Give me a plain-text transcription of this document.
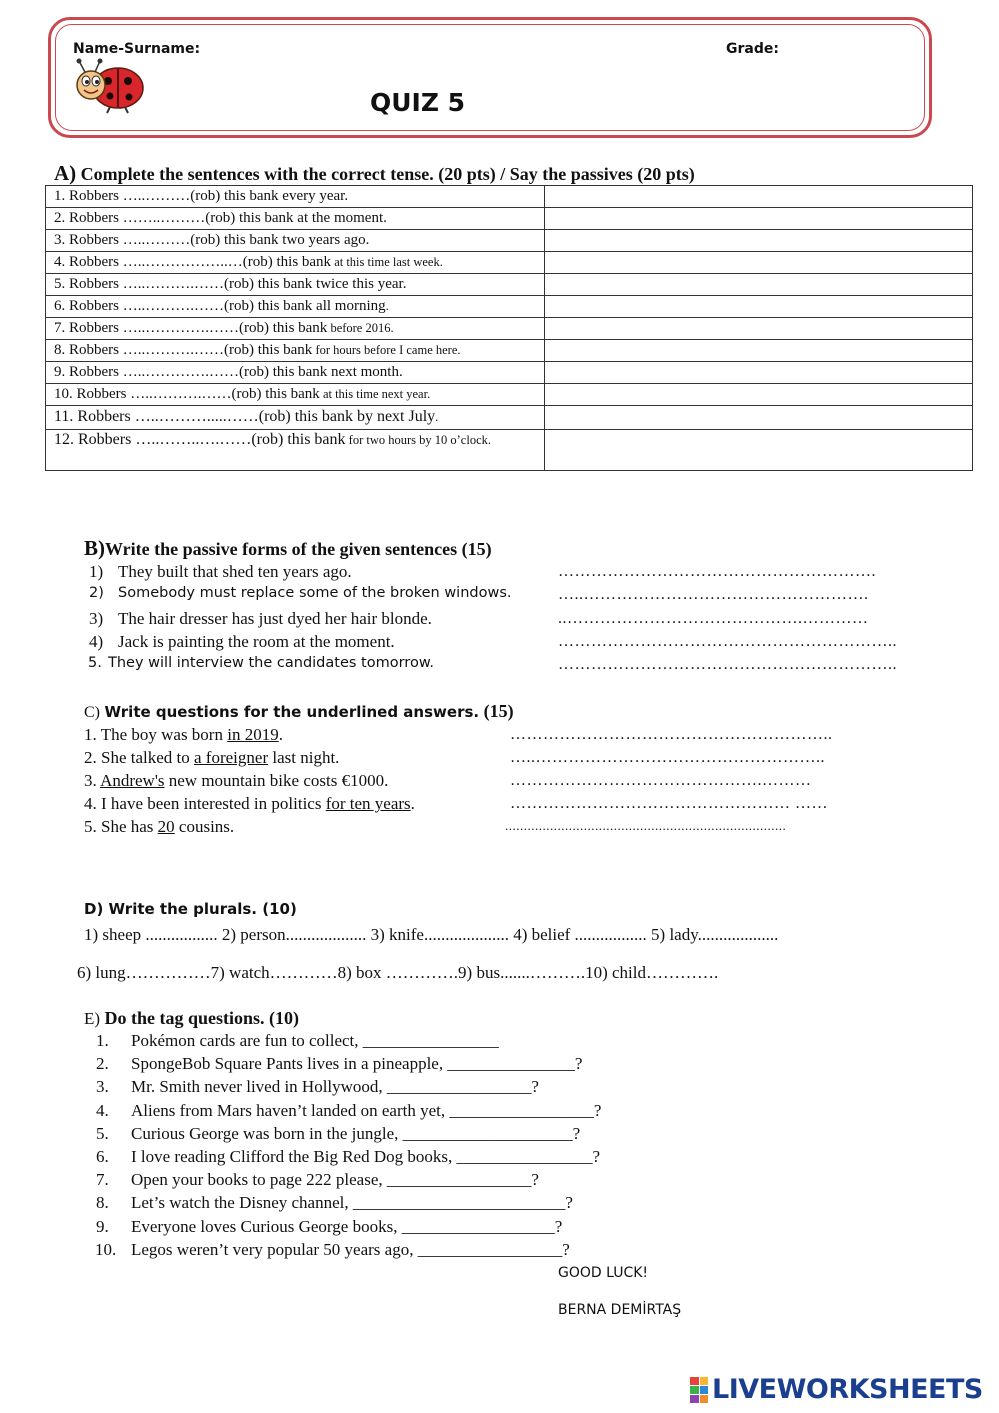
Name-Surname:	Grade:
QUIZ 5
A) Complete the sentences with the correct tense. (20 pts) / Say the passives (20 pts)
1. Robbers …..………(rob) this bank every year.	
2. Robbers ……..………(rob) this bank at the moment.	
3. Robbers …..………(rob) this bank two years ago.	
4. Robbers …..……………..…(rob) this bank at this time last week.	
5. Robbers …..……….……(rob) this bank twice this year.	
6. Robbers …..……….……(rob) this bank all morning.	
7. Robbers …..………….……(rob) this bank before 2016.	
8. Robbers …..……….……(rob) this bank for hours before I came here.	
9. Robbers …..………….……(rob) this bank next month.	
10. Robbers …..……….……(rob) this bank at this time next year.	
11. Robbers …..……….....……(rob) this bank by next July.	
12. Robbers …..……..….……(rob) this bank for two hours by 10 o’clock.	
B)Write the passive forms of the given sentences (15)
1) They built that shed ten years ago.	………………………………………………….
2) Somebody must replace some of the broken windows.	…..…………………………………………….
3) The hair dresser has just dyed her hair blonde.	..…………………………………….…………
4) Jack is painting the room at the moment.	……………………………………………………..
5. They will interview the candidates tomorrow.	……………………………………………………..
C) Write questions for the underlined answers. (15)
1. The boy was born in 2019.	…………………………………………………..
2. She talked to a foreigner last night.	…..……………………………………………..
3. Andrew's new mountain bike costs €1000.	……………………………………….………
4. I have been interested in politics for ten years.	…………………………………………… ……
5. She has 20 cousins.	...........................................................................
D) Write the plurals. (10)
1) sheep ................. 2) person................... 3) knife.................... 4) belief ................. 5) lady...................
6) lung……………7) watch…………8) box ………….9) bus.......……….10) child………….
E) Do the tag questions. (10)
1. Pokémon cards are fun to collect, ________________
2. SpongeBob Square Pants lives in a pineapple, _______________?
3. Mr. Smith never lived in Hollywood, _________________?
4. Aliens from Mars haven’t landed on earth yet, _________________?
5. Curious George was born in the jungle, ____________________?
6. I love reading Clifford the Big Red Dog books, ________________?
7. Open your books to page 222 please, _________________?
8. Let’s watch the Disney channel, _________________________?
9. Everyone loves Curious George books, __________________?
10. Legos weren’t very popular 50 years ago, _________________?
GOOD LUCK!
BERNA DEMİRTAŞ
LIVEWORKSHEETS
